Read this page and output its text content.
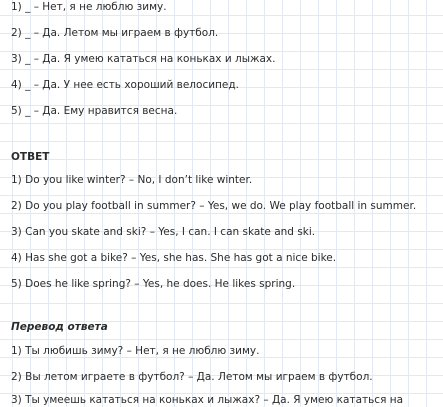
1) _ – Нет, я не люблю зиму.
2) _ – Да. Летом мы играем в футбол.
3) _ – Да. Я умею кататься на коньках и лыжах.
4) _ – Да. У нее есть хороший велосипед.
5) _ – Да. Ему нравится весна.
ОТВЕТ
1) Do you like winter? – No, I don’t like winter.
2) Do you play football in summer? – Yes, we do. We play football in summer.
3) Can you skate and ski? – Yes, I can. I can skate and ski.
4) Has she got a bike? – Yes, she has. She has got a nice bike.
5) Does he like spring? – Yes, he does. He likes spring.
Перевод ответа
1) Ты любишь зиму? – Нет, я не люблю зиму.
2) Вы летом играете в футбол? – Да. Летом мы играем в футбол.
3) Ты умеешь кататься на коньках и лыжах? – Да. Я умею кататься на
